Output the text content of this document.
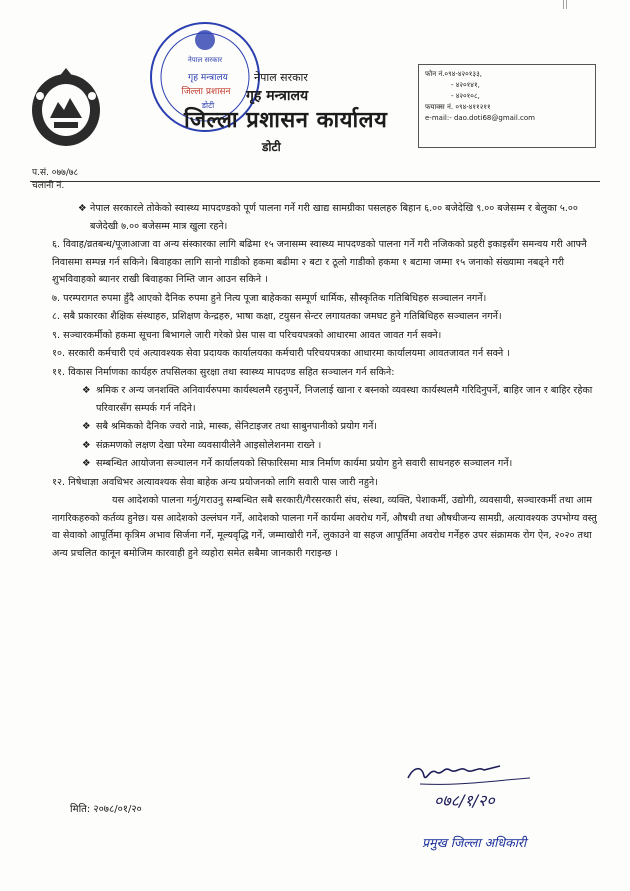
||
नेपाल सरकार
गृह मन्त्रालय
जिल्ला प्रशासन
डोटी
नेपाल सरकार
गृह मन्त्रालय
जिल्ला प्रशासन कार्यालय
डोटी
फोन नं.०९४-४२०१३३,
- ४२०१४१,
- ४२०१०८,
फयाक्स नं. ०९४-४११२११
e-mail:- dao.doti68@gmail.com
प.सं. ०७७/७८
चलानी नं.
❖ नेपाल सरकारले तोकेको स्वास्थ्य मापदण्डको पूर्ण पालना गर्ने गरी खाद्य सामग्रीका पसलहरु बिहान ६.०० बजेदेखि ९.०० बजेसम्म र बेलुका ५.०० बजेदेखी ७.०० बजेसम्म मात्र खुला रहने।
६. विवाह/व्रतबन्ध/पूजाआजा वा अन्य संस्कारका लागि बढिमा १५ जनासम्म स्वास्थ्य मापदण्डको पालना गर्ने गरी नजिकको प्रहरी इकाइसँग समन्वय गरी आफ्नै निवासमा सम्पन्न गर्न सकिने। बिवाहका लागि सानो गाडीको हकमा बढीमा २ बटा र ठूलो गाडीको हकमा १ बटामा जम्मा १५ जनाको संख्यामा नबढ्ने गरी शुभविवाहको ब्यानर राखी बिवाहका निम्ति जान आउन सकिने ।
७. परम्परागत रुपमा हुँदै आएको दैनिक रुपमा हुने नित्य पूजा बाहेकका सम्पूर्ण धार्मिक, सौस्कृतिक गतिबिधिहरु सञ्चालन नगर्ने।
८. सबै प्रकारका शैक्षिक संस्थाहरु, प्रशिक्षण केन्द्रहरु, भाषा कक्षा, टयुसन सेन्टर लगायतका जमघट हुने गतिबिधिहरु सञ्चालन नगर्ने।
९. सञ्चारकर्मीको हकमा सूचना बिभागले जारी गरेको प्रेस पास वा परिचयपत्रको आधारमा आवत जावत गर्न सक्ने।
१०. सरकारी कर्मचारी एवं अत्यावश्यक सेवा प्रदायक कार्यालयका कर्मचारी परिचयपत्रका आधारमा कार्यालयमा आवतजावत गर्न सक्ने ।
११. विकास निर्माणका कार्यहरु तपसिलका सुरक्षा तथा स्वास्थ्य मापदण्ड सहित सञ्चालन गर्न सकिने:
❖ श्रमिक र अन्य जनशक्ति अनिवार्यरुपमा कार्यस्थलमै रहनुपर्ने, निजलाई खाना र बस्नको व्यवस्था कार्यस्थलमै गरिदिनुपर्ने, बाहिर जान र बाहिर रहेका परिवारसँग सम्पर्क गर्न नदिने।
❖ सबै श्रमिकको दैनिक ज्वरो नाप्ने, मास्क, सेनिटाइजर तथा साबुनपानीको प्रयोग गर्ने।
❖ संक्रमणको लक्षण देखा परेमा व्यवसायीलेनै आइसोलेशनमा राख्ने ।
❖ सम्बन्धित आयोजना सञ्चालन गर्ने कार्यालयको सिफारिसमा मात्र निर्माण कार्यमा प्रयोग हुने सवारी साधनहरु सञ्चालन गर्ने।
१२. निषेधाज्ञा अवधिभर अत्यावश्यक सेवा बाहेक अन्य प्रयोजनको लागि सवारी पास जारी नहुने।
यस आदेशको पालना गर्नु/गराउनु सम्बन्धित सबै सरकारी/गैरसरकारी संघ, संस्था, व्यक्ति, पेशाकर्मी, उद्योगी, व्यवसायी, सञ्चारकर्मी तथा आम नागरिकहरुको कर्तव्य हुनेछ। यस आदेशको उल्लंघन गर्ने, आदेशको पालना गर्ने कार्यमा अवरोध गर्ने, औषधी तथा औषधीजन्य सामग्री, अत्यावश्यक उपभोग्य वस्तु वा सेवाको आपूर्तिमा कृत्रिम अभाव सिर्जना गर्ने, मूल्यवृद्धि गर्ने, जम्माखोरी गर्ने, लुकाउने वा सहज आपूर्तिमा अवरोध गर्नेहरु उपर संक्रामक रोग ऐन, २०२० तथा अन्य प्रचलित कानून बमोजिम कारवाही हुने व्यहोरा समेत सबैमा जानकारी गराइन्छ ।
०७८/१/२०
मिति: २०७८/०१/२०
प्रमुख जिल्ला अधिकारी
